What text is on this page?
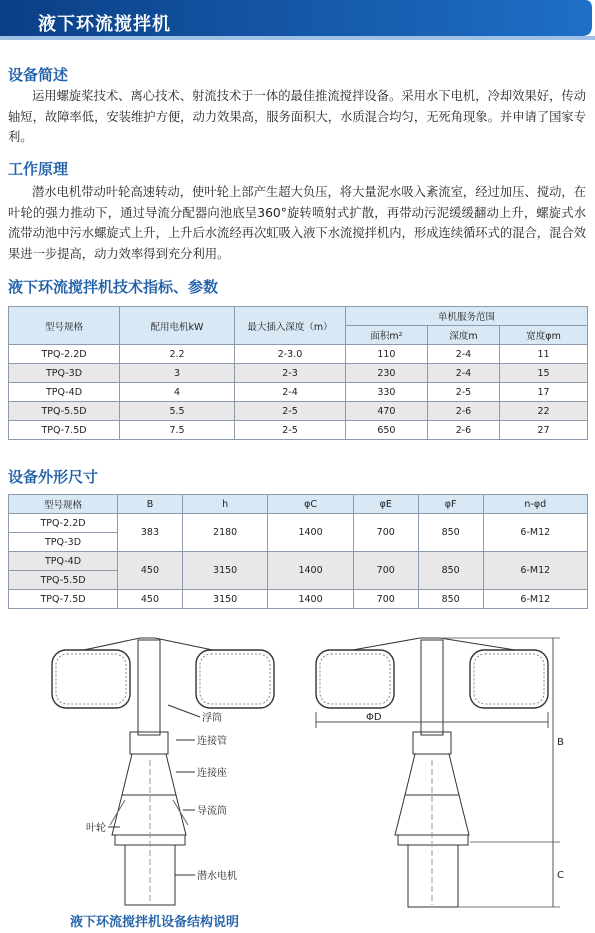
液下环流搅拌机
设备简述
运用螺旋桨技术、离心技术、射流技术于一体的最佳推流搅拌设备。采用水下电机，冷却效果好，传动轴短，故障率低，安装维护方便，动力效果高，服务面积大，水质混合均匀，无死角现象。并申请了国家专利。
工作原理
潜水电机带动叶轮高速转动，使叶轮上部产生超大负压，将大量泥水吸入紊流室，经过加压、搅动，在叶轮的强力推动下，通过导流分配器向池底呈360°旋转喷射式扩散，再带动污泥缓缓翻动上升，螺旋式水流带动池中污水螺旋式上升，上升后水流经再次虹吸入液下水流搅拌机内，形成连续循环式的混合，混合效果进一步提高，动力效率得到充分利用。
液下环流搅拌机技术指标、参数
型号规格	配用电机kW	最大插入深度（m）	单机服务范围		
			面积m²	深度m	宽度φm
TPQ-2.2D	2.2	2-3.0	110	2-4	11
TPQ-3D	3	2-3	230	2-4	15
TPQ-4D	4	2-4	330	2-5	17
TPQ-5.5D	5.5	2-5	470	2-6	22
TPQ-7.5D	7.5	2-5	650	2-6	27
设备外形尺寸
型号规格	B	h	φC	φE	φF	n-φd
TPQ-2.2D	383	2180	1400	700	850	6-M12
TPQ-3D						
TPQ-4D	450	3150	1400	700	850	6-M12
TPQ-5.5D						
TPQ-7.5D	450	3150	1400	700	850	6-M12
浮筒
连接管
连接座
叶轮
导流筒
潜水电机
ΦD
B
C
液下环流搅拌机设备结构说明
